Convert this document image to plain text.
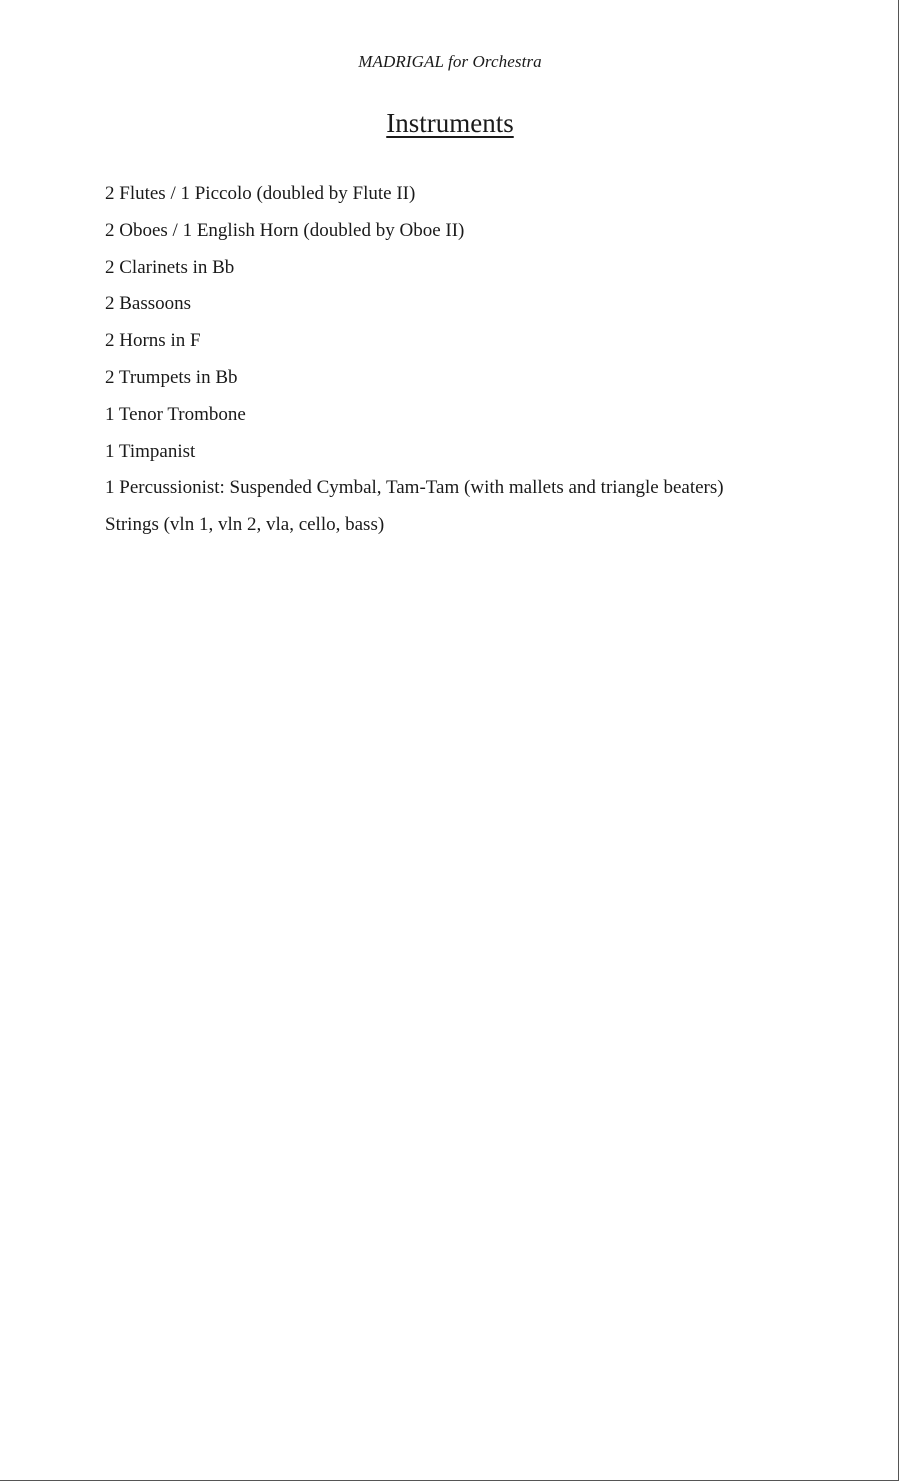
MADRIGAL for Orchestra
Instruments
2 Flutes / 1 Piccolo (doubled by Flute II)
2 Oboes / 1 English Horn (doubled by Oboe II)
2 Clarinets in Bb
2 Bassoons
2 Horns in F
2 Trumpets in Bb
1 Tenor Trombone
1 Timpanist
1 Percussionist: Suspended Cymbal, Tam-Tam (with mallets and triangle beaters)
Strings (vln 1, vln 2, vla, cello, bass)
